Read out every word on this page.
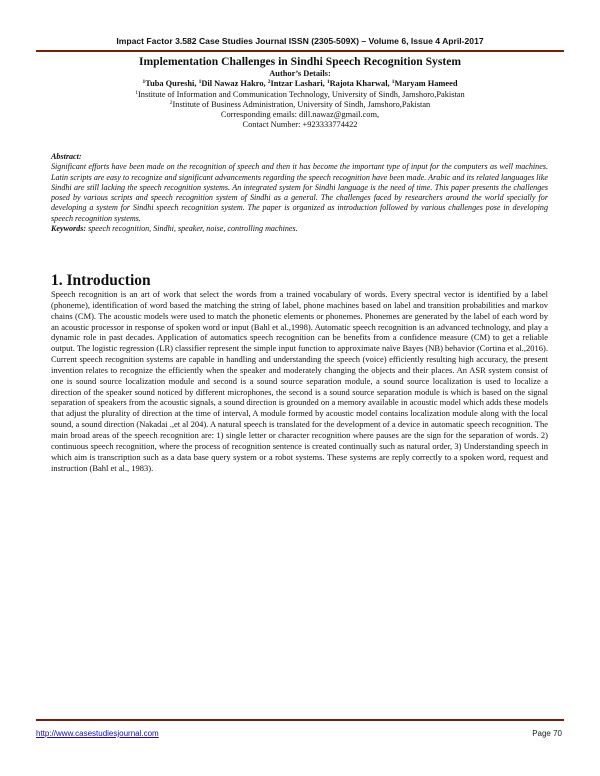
Impact Factor 3.582 Case Studies Journal ISSN (2305-509X) – Volume 6, Issue 4 April-2017
Implementation Challenges in Sindhi Speech Recognition System
Author’s Details:
$^1$Tuba Qureshi, $^1$Dil Nawaz Hakro, $^2$Intzar Lashari, $^1$Rajota Kharwal, $^1$Maryam Hameed
$^1$Institute of Information and Communication Technology, University of Sindh, Jamshoro,Pakistan
$^2$Institute of Business Administration, University of Sindh, Jamshoro,Pakistan
Corresponding emails: dill.nawaz@gmail.com,
Contact Number: +923333774422
Abstract:
Significant efforts have been made on the recognition of speech and then it has become the important type of input for the computers as well machines. Latin scripts are easy to recognize and significant advancements regarding the speech recognition have been made. Arabic and its related languages like Sindhi are still lacking the speech recognition systems. An integrated system for Sindhi language is the need of time. This paper presents the challenges posed by various scripts and speech recognition system of Sindhi as a general. The challenges faced by researchers around the world specially for developing a system for Sindhi speech recognition system. The paper is organized as introduction followed by various challenges pose in developing speech recognition systems.
Keywords: speech recognition, Sindhi, speaker, noise, controlling machines.
1. Introduction
Speech recognition is an art of work that select the words from a trained vocabulary of words. Every spectral vector is identified by a label (phoneme), identification of word based the matching the string of label, phone machines based on label and transition probabilities and markov chains (CM). The acoustic models were used to match the phonetic elements or phonemes. Phonemes are generated by the label of each word by an acoustic processor in response of spoken word or input (Bahl et al.,1998). Automatic speech recognition is an advanced technology, and play a dynamic role in past decades. Application of automatics speech recognition can be benefits from a confidence measure (CM) to get a reliable output. The logistic regression (LR) classifier represent the simple input function to approximate naïve Bayes (NB) behavior (Cortina et al.,2016). Current speech recognition systems are capable in handling and understanding the speech (voice) efficiently resulting high accuracy, the present invention relates to recognize the efficiently when the speaker and moderately changing the objects and their places. An ASR system consist of one is sound source localization module and second is a sound source separation module, a sound source localization is used to localize a direction of the speaker sound noticed by different microphones, the second is a sound source separation module is which is based on the signal separation of speakers from the acoustic signals, a sound direction is grounded on a memory available in acoustic model which adds these models that adjust the plurality of direction at the time of interval, A module formed by acoustic model contains localization module along with the local sound, a sound direction (Nakadai .,et al 204). A natural speech is translated for the development of a device in automatic speech recognition. The main broad areas of the speech recognition are: 1) single letter or character recognition where pauses are the sign for the separation of words. 2) continuous speech recognition, where the process of recognition sentence is created continually such as natural order, 3) Understanding speech in which aim is transcription such as a data base query system or a robot systems. These systems are reply correctly to a spoken word, request and instruction (Bahl et al., 1983).
http://www.casestudiesjournal.com	Page 70
